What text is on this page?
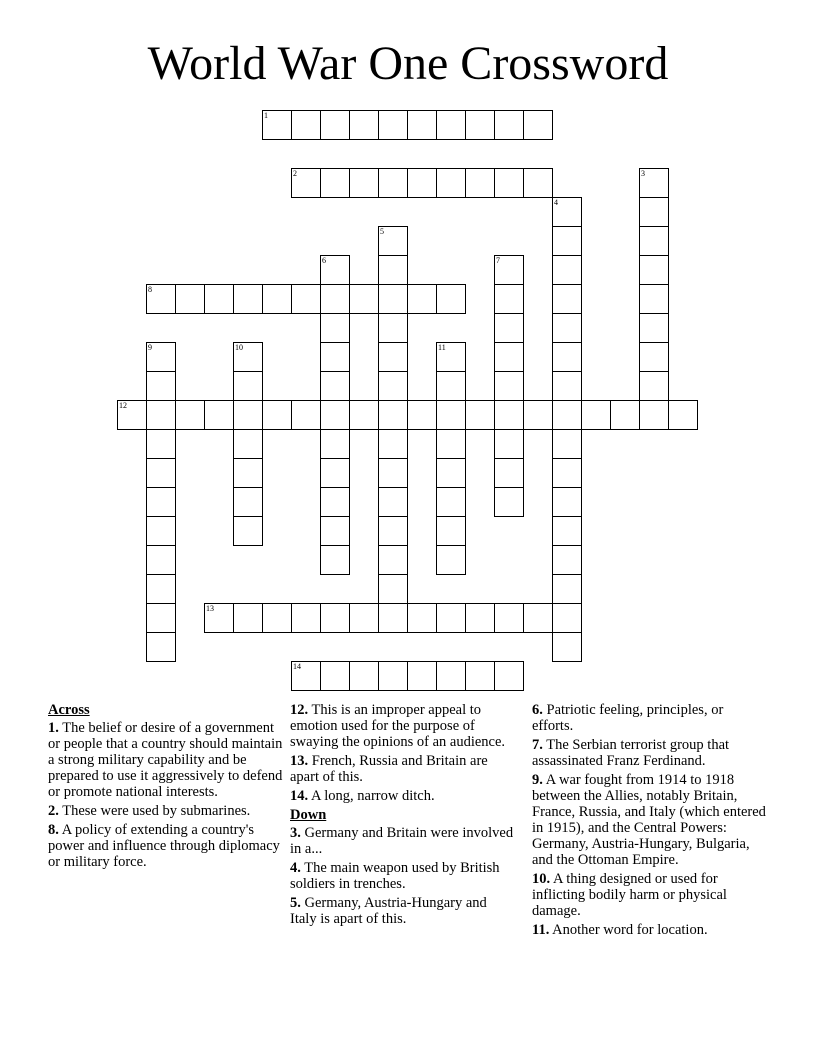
World War One Crossword
1
2	3
4
5
6	7
8
9	10	11
12
13
14
Across
1. The belief or desire of a government or people that a country should maintain a strong military capability and be prepared to use it aggressively to defend or promote national interests.
2. These were used by submarines.
8. A policy of extending a country's power and influence through diplomacy or military force.
12. This is an improper appeal to emotion used for the purpose of swaying the opinions of an audience.
13. French, Russia and Britain are apart of this.
14. A long, narrow ditch.
Down
3. Germany and Britain were involved in a...
4. The main weapon used by British soldiers in trenches.
5. Germany, Austria-Hungary and Italy is apart of this.
6. Patriotic feeling, principles, or efforts.
7. The Serbian terrorist group that assassinated Franz Ferdinand.
9. A war fought from 1914 to 1918 between the Allies, notably Britain, France, Russia, and Italy (which entered in 1915), and the Central Powers: Germany, Austria-Hungary, Bulgaria, and the Ottoman Empire.
10. A thing designed or used for inflicting bodily harm or physical damage.
11. Another word for location.
